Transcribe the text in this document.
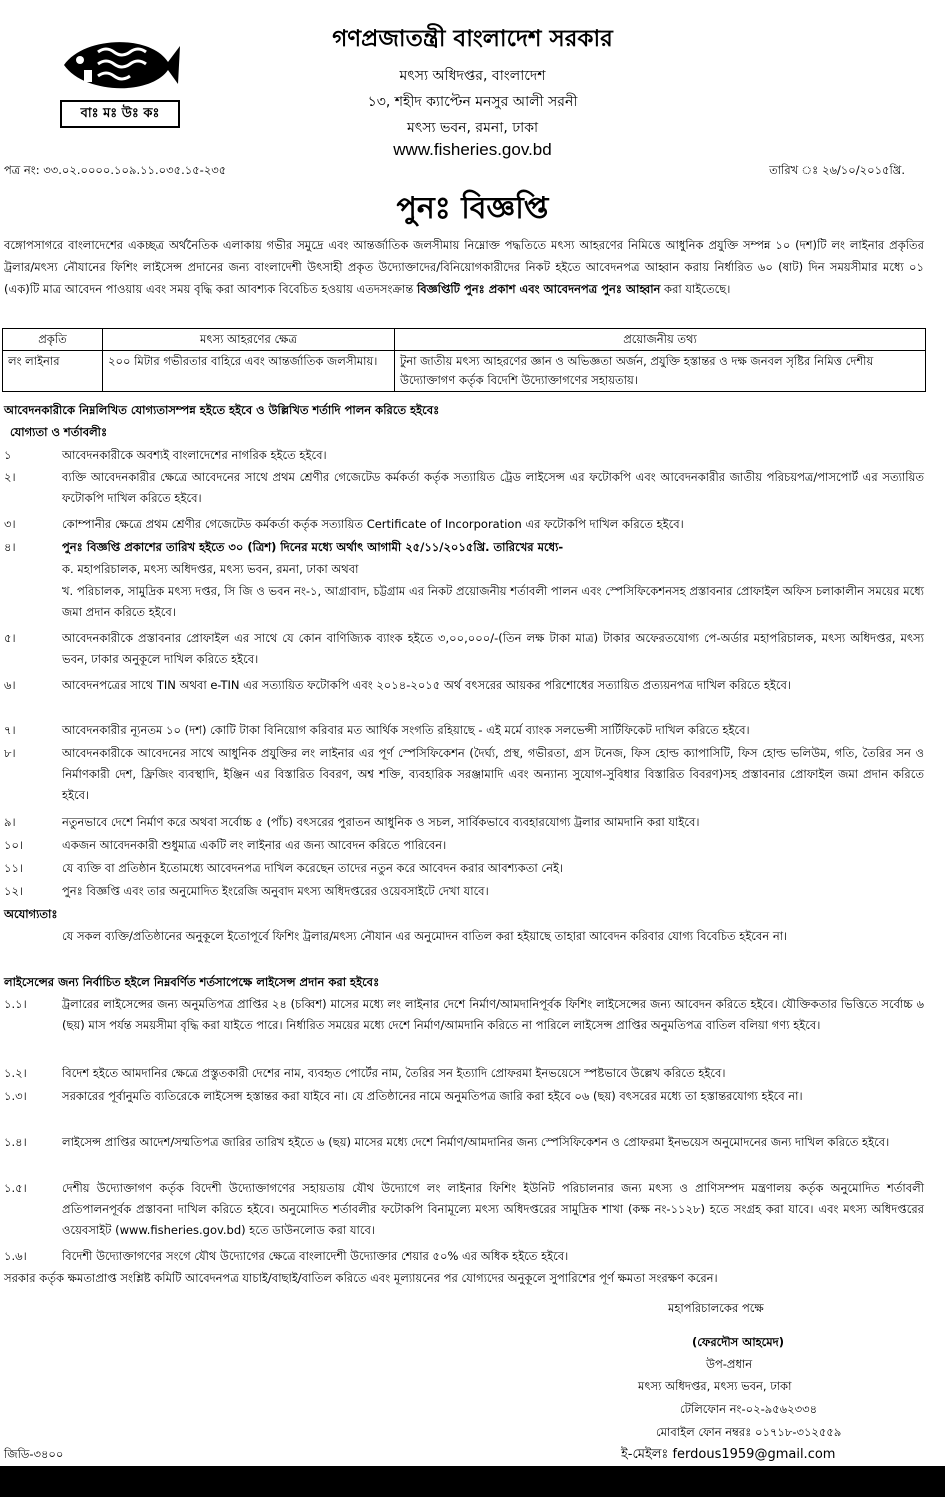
বাঃ মঃ উঃ কঃ
গণপ্রজাতন্ত্রী বাংলাদেশ সরকার
মৎস্য অধিদপ্তর, বাংলাদেশ
১৩, শহীদ ক্যাপ্টেন মনসুর আলী সরনী
মৎস্য ভবন, রমনা, ঢাকা
www.fisheries.gov.bd
পত্র নং: ৩৩.০২.০০০০.১০৯.১১.০৩৫.১৫-২৩৫	তারিখ ঃ ২৬/১০/২০১৫খ্রি.
পুনঃ বিজ্ঞপ্তি
বঙ্গোপসাগরে বাংলাদেশের একচ্ছত্র অর্থনৈতিক এলাকায় গভীর সমুদ্রে এবং আন্তর্জাতিক জলসীমায় নিম্নোক্ত পদ্ধতিতে মৎস্য আহরণের নিমিত্তে আধুনিক প্রযুক্তি সম্পন্ন ১০ (দশ)টি লং লাইনার প্রকৃতির ট্রলার/মৎস্য নৌযানের ফিশিং লাইসেন্স প্রদানের জন্য বাংলাদেশী উৎসাহী প্রকৃত উদ্যোক্তাদের/বিনিয়োগকারীদের নিকট হইতে আবেদনপত্র আহ্বান করায় নির্ধারিত ৬০ (ষাট) দিন সময়সীমার মধ্যে ০১ (এক)টি মাত্র আবেদন পাওয়ায় এবং সময় বৃদ্ধি করা আবশ্যক বিবেচিত হওয়ায় এতদসংক্রান্ত বিজ্ঞপ্তিটি পুনঃ প্রকাশ এবং আবেদনপত্র পুনঃ আহ্বান করা যাইতেছে।
প্রকৃতি	মৎস্য আহরণের ক্ষেত্র	প্রয়োজনীয় তথ্য
লং লাইনার	২০০ মিটার গভীরতার বাহিরে এবং আন্তর্জাতিক জলসীমায়।	টুনা জাতীয় মৎস্য আহরণের জ্ঞান ও অভিজ্ঞতা অর্জন, প্রযুক্তি হস্তান্তর ও দক্ষ জনবল সৃষ্টির নিমিত্ত দেশীয় উদ্যোক্তাগণ কর্তৃক বিদেশি উদ্যোক্তাগণের সহায়তায়।
আবেদনকারীকে নিম্নলিখিত যোগ্যতাসম্পন্ন হইতে হইবে ও উল্লিখিত শর্তাদি পালন করিতে হইবেঃ
যোগ্যতা ও শর্তাবলীঃ
১	আবেদনকারীকে অবশ্যই বাংলাদেশের নাগরিক হইতে হইবে।
২।	ব্যক্তি আবেদনকারীর ক্ষেত্রে আবেদনের সাথে প্রথম শ্রেণীর গেজেটেড কর্মকর্তা কর্তৃক সত্যায়িত ট্রেড লাইসেন্স এর ফটোকপি এবং আবেদনকারীর জাতীয় পরিচয়পত্র/পাসপোর্ট এর সত্যায়িত ফটোকপি দাখিল করিতে হইবে।
৩।	কোম্পানীর ক্ষেত্রে প্রথম শ্রেণীর গেজেটেড কর্মকর্তা কর্তৃক সত্যায়িত Certificate of Incorporation এর ফটোকপি দাখিল করিতে হইবে।
৪।	পুনঃ বিজ্ঞপ্তি প্রকাশের তারিখ হইতে ৩০ (ত্রিশ) দিনের মধ্যে অর্থাৎ আগামী ২৫/১১/২০১৫খ্রি. তারিখের মধ্যে-
ক. মহাপরিচালক, মৎস্য অধিদপ্তর, মৎস্য ভবন, রমনা, ঢাকা অথবা
খ. পরিচালক, সামুদ্রিক মৎস্য দপ্তর, সি জি ও ভবন নং-১, আগ্রাবাদ, চট্টগ্রাম এর নিকট প্রয়োজনীয় শর্তাবলী পালন এবং স্পেসিফিকেশনসহ প্রস্তাবনার প্রোফাইল অফিস চলাকালীন সময়ের মধ্যে জমা প্রদান করিতে হইবে।
৫।	আবেদনকারীকে প্রস্তাবনার প্রোফাইল এর সাথে যে কোন বাণিজ্যিক ব্যাংক হইতে ৩,০০,০০০/-(তিন লক্ষ টাকা মাত্র) টাকার অফেরতযোগ্য পে-অর্ডার মহাপরিচালক, মৎস্য অধিদপ্তর, মৎস্য ভবন, ঢাকার অনুকূলে দাখিল করিতে হইবে।
৬।	আবেদনপত্রের সাথে TIN অথবা e-TIN এর সত্যায়িত ফটোকপি এবং ২০১৪-২০১৫ অর্থ বৎসরের আয়কর পরিশোধের সত্যায়িত প্রত্যয়নপত্র দাখিল করিতে হইবে।
৭।	আবেদনকারীর ন্যূনতম ১০ (দশ) কোটি টাকা বিনিয়োগ করিবার মত আর্থিক সংগতি রহিয়াছে - এই মর্মে ব্যাংক সলভেন্সী সার্টিফিকেট দাখিল করিতে হইবে।
৮।	আবেদনকারীকে আবেদনের সাথে আধুনিক প্রযুক্তির লং লাইনার এর পূর্ণ স্পেসিফিকেশন (দৈর্ঘ্য, প্রস্থ, গভীরতা, গ্রস টনেজ, ফিস হোল্ড ক্যাপাসিটি, ফিস হোল্ড ভলিউম, গতি, তৈরির সন ও নির্মাণকারী দেশ, ফ্রিজিং ব্যবস্থাদি, ইঞ্জিন এর বিস্তারিত বিবরণ, অশ্ব শক্তি, ব্যবহারিক সরঞ্জামাদি এবং অন্যান্য সুযোগ-সুবিধার বিস্তারিত বিবরণ)সহ প্রস্তাবনার প্রোফাইল জমা প্রদান করিতে হইবে।
৯।	নতুনভাবে দেশে নির্মাণ করে অথবা সর্বোচ্চ ৫ (পাঁচ) বৎসরের পুরাতন আধুনিক ও সচল, সার্বিকভাবে ব্যবহারযোগ্য ট্রলার আমদানি করা যাইবে।
১০।	একজন আবেদনকারী শুধুমাত্র একটি লং লাইনার এর জন্য আবেদন করিতে পারিবেন।
১১।	যে ব্যক্তি বা প্রতিষ্ঠান ইতোমধ্যে আবেদনপত্র দাখিল করেছেন তাদের নতুন করে আবেদন করার আবশ্যকতা নেই।
১২।	পুনঃ বিজ্ঞপ্তি এবং তার অনুমোদিত ইংরেজি অনুবাদ মৎস্য অধিদপ্তরের ওয়েবসাইটে দেখা যাবে।
অযোগ্যতাঃ
যে সকল ব্যক্তি/প্রতিষ্ঠানের অনুকূলে ইতোপূর্বে ফিশিং ট্রলার/মৎস্য নৌযান এর অনুমোদন বাতিল করা হইয়াছে তাহারা আবেদন করিবার যোগ্য বিবেচিত হইবেন না।
লাইসেন্সের জন্য নির্বাচিত হইলে নিম্নবর্ণিত শর্তসাপেক্ষে লাইসেন্স প্রদান করা হইবেঃ
১.১।	ট্রলারের লাইসেন্সের জন্য অনুমতিপত্র প্রাপ্তির ২৪ (চব্বিশ) মাসের মধ্যে লং লাইনার দেশে নির্মাণ/আমদানিপূর্বক ফিশিং লাইসেন্সের জন্য আবেদন করিতে হইবে। যৌক্তিকতার ভিত্তিতে সর্বোচ্চ ৬ (ছয়) মাস পর্যন্ত সময়সীমা বৃদ্ধি করা যাইতে পারে। নির্ধারিত সময়ের মধ্যে দেশে নির্মাণ/আমদানি করিতে না পারিলে লাইসেন্স প্রাপ্তির অনুমতিপত্র বাতিল বলিয়া গণ্য হইবে।
১.২।	বিদেশ হইতে আমদানির ক্ষেত্রে প্রস্তুতকারী দেশের নাম, ব্যবহৃত পোর্টের নাম, তৈরির সন ইত্যাদি প্রোফরমা ইনভয়েসে স্পষ্টভাবে উল্লেখ করিতে হইবে।
১.৩।	সরকারের পূর্বানুমতি ব্যতিরেকে লাইসেন্স হস্তান্তর করা যাইবে না। যে প্রতিষ্ঠানের নামে অনুমতিপত্র জারি করা হইবে ০৬ (ছয়) বৎসরের মধ্যে তা হস্তান্তরযোগ্য হইবে না।
১.৪।	লাইসেন্স প্রাপ্তির আদেশ/সম্মতিপত্র জারির তারিখ হইতে ৬ (ছয়) মাসের মধ্যে দেশে নির্মাণ/আমদানির জন্য স্পেসিফিকেশন ও প্রোফরমা ইনভয়েস অনুমোদনের জন্য দাখিল করিতে হইবে।
১.৫।	দেশীয় উদ্যোক্তাগণ কর্তৃক বিদেশী উদ্যোক্তাগণের সহায়তায় যৌথ উদ্যোগে লং লাইনার ফিশিং ইউনিট পরিচালনার জন্য মৎস্য ও প্রাণিসম্পদ মন্ত্রণালয় কর্তৃক অনুমোদিত শর্তাবলী প্রতিপালনপূর্বক প্রস্তাবনা দাখিল করিতে হইবে। অনুমোদিত শর্তাবলীর ফটোকপি বিনামূল্যে মৎস্য অধিদপ্তরের সামুদ্রিক শাখা (কক্ষ নং-১১২৮) হতে সংগ্রহ করা যাবে। এবং মৎস্য অধিদপ্তরের ওয়েবসাইট (www.fisheries.gov.bd) হতে ডাউনলোড করা যাবে।
১.৬।	বিদেশী উদ্যোক্তাগণের সংগে যৌথ উদ্যোগের ক্ষেত্রে বাংলাদেশী উদ্যোক্তার শেয়ার ৫০% এর অধিক হইতে হইবে।
সরকার কর্তৃক ক্ষমতাপ্রাপ্ত সংশ্লিষ্ট কমিটি আবেদনপত্র যাচাই/বাছাই/বাতিল করিতে এবং মূল্যায়নের পর যোগ্যদের অনুকূলে সুপারিশের পূর্ণ ক্ষমতা সংরক্ষণ করেন।
মহাপরিচালকের পক্ষে
(ফেরদৌস আহমেদ)
উপ-প্রধান
মৎস্য অধিদপ্তর, মৎস্য ভবন, ঢাকা
টেলিফোন নং-০২-৯৫৬২৩৩৪
মোবাইল ফোন নম্বরঃ ০১৭১৮-৩১২৫৫৯
ই-মেইলঃ ferdous1959@gmail.com
জিডি-৩৪০০
